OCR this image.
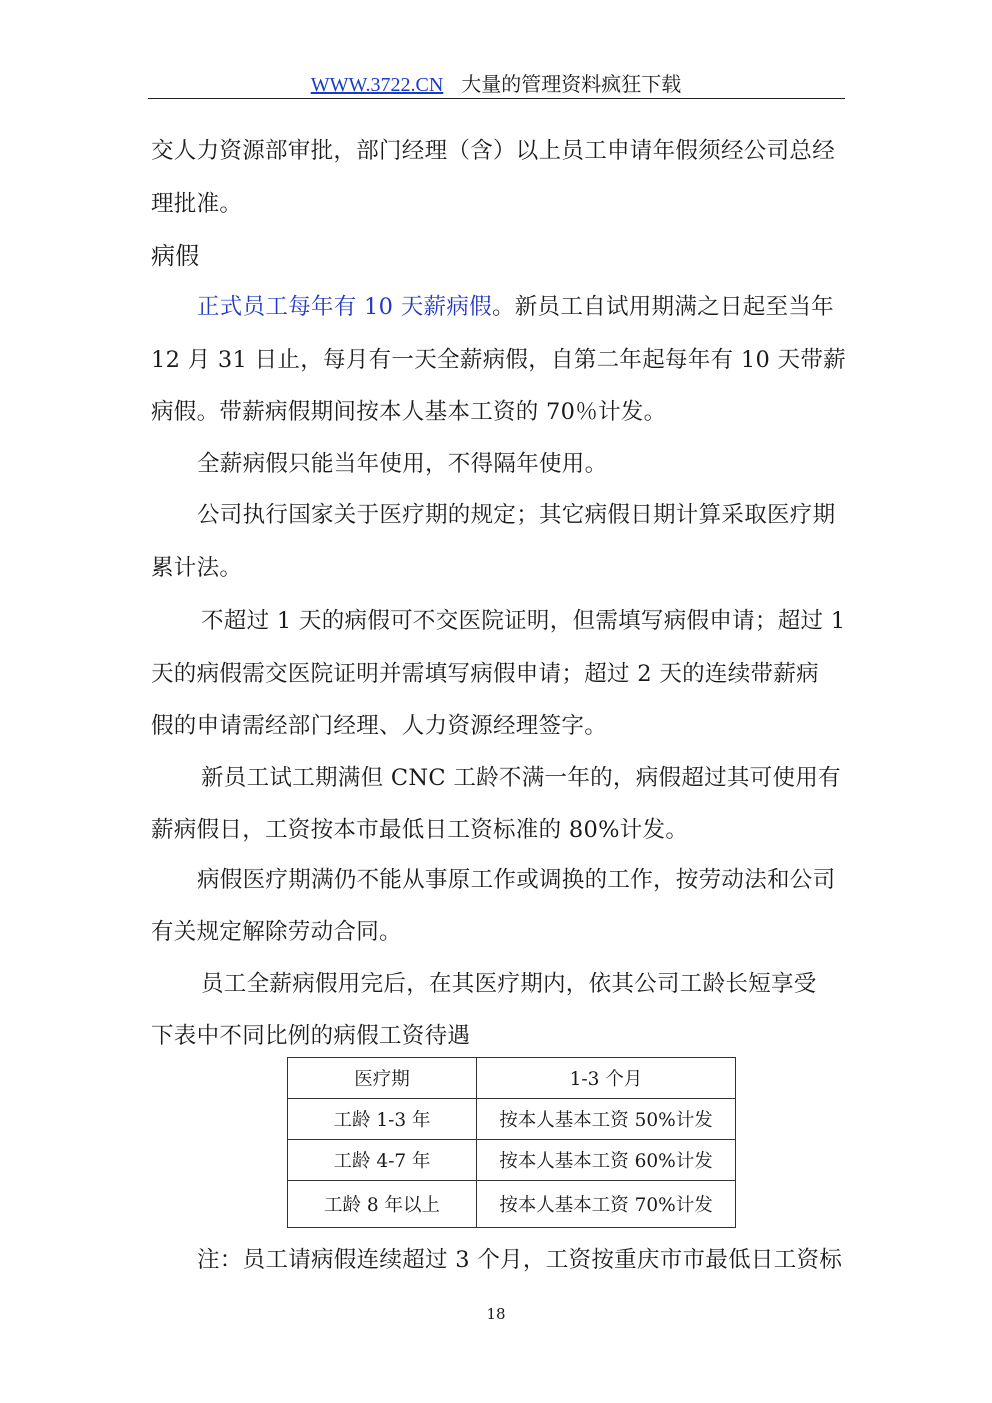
WWW.3722.CN 大量的管理资料疯狂下载
交人力资源部审批，部门经理（含）以上员工申请年假须经公司总经
理批准。
病假
正式员工每年有 10 天薪病假。新员工自试用期满之日起至当年
12 月 31 日止，每月有一天全薪病假，自第二年起每年有 10 天带薪
病假。带薪病假期间按本人基本工资的 70％计发。
全薪病假只能当年使用，不得隔年使用。
公司执行国家关于医疗期的规定；其它病假日期计算采取医疗期
累计法。
不超过 1 天的病假可不交医院证明，但需填写病假申请；超过 1
天的病假需交医院证明并需填写病假申请；超过 2 天的连续带薪病
假的申请需经部门经理、人力资源经理签字。
新员工试工期满但 CNC 工龄不满一年的，病假超过其可使用有
薪病假日，工资按本市最低日工资标准的 80%计发。
病假医疗期满仍不能从事原工作或调换的工作，按劳动法和公司
有关规定解除劳动合同。
员工全薪病假用完后，在其医疗期内，依其公司工龄长短享受
下表中不同比例的病假工资待遇
医疗期	1-3 个月
工龄 1-3 年	按本人基本工资 50%计发
工龄 4-7 年	按本人基本工资 60%计发
工龄 8 年以上	按本人基本工资 70%计发
注：员工请病假连续超过 3 个月，工资按重庆市市最低日工资标
18
